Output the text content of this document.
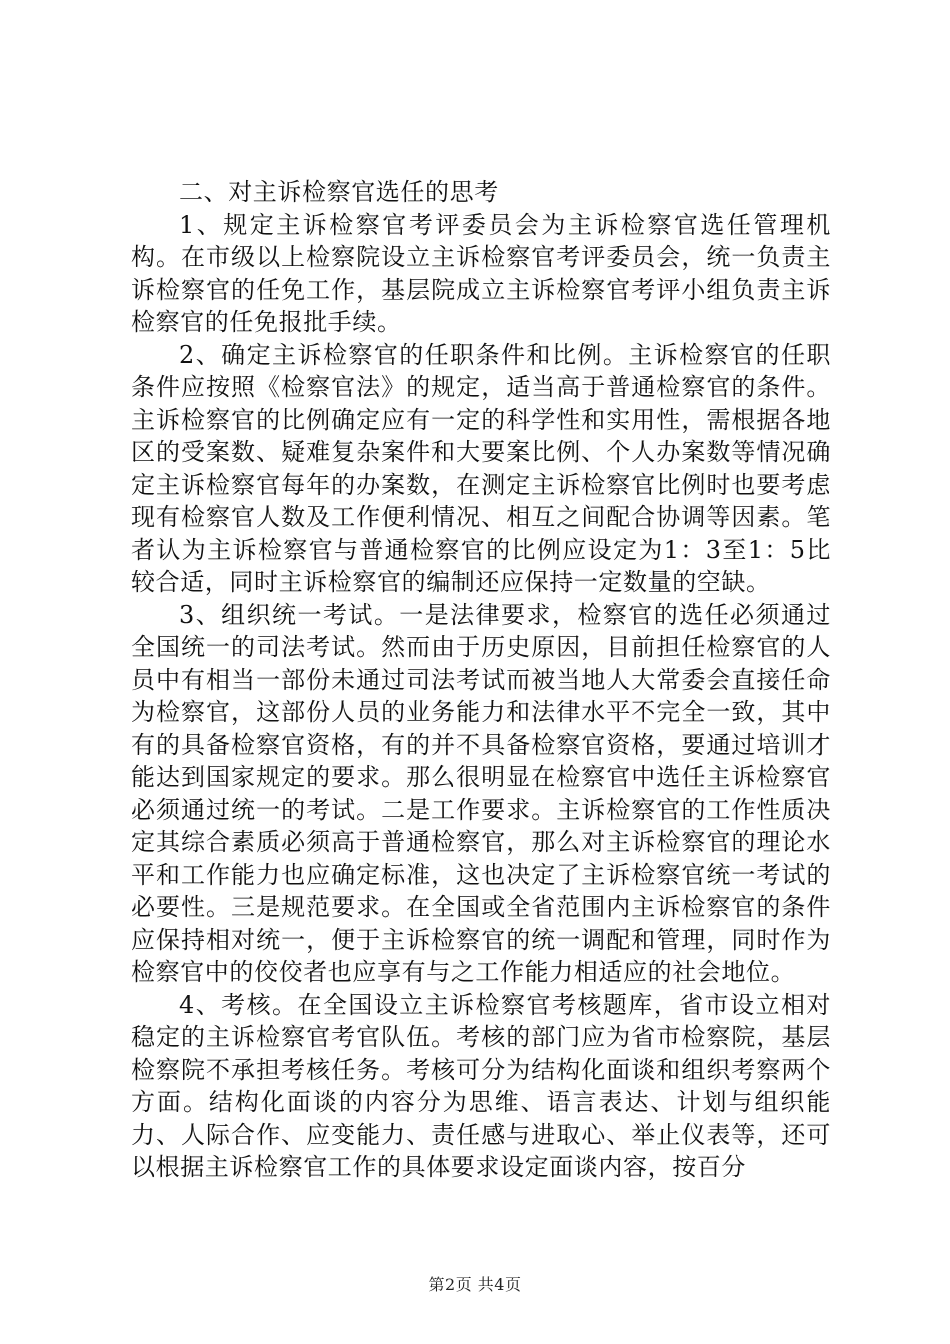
二、对主诉检察官选任的思考

1、规定主诉检察官考评委员会为主诉检察官选任管理机构。在市级以上检察院设立主诉检察官考评委员会，统一负责主诉检察官的任免工作，基层院成立主诉检察官考评小组负责主诉检察官的任免报批手续。

2、确定主诉检察官的任职条件和比例。主诉检察官的任职条件应按照《检察官法》的规定，适当高于普通检察官的条件。主诉检察官的比例确定应有一定的科学性和实用性，需根据各地区的受案数、疑难复杂案件和大要案比例、个人办案数等情况确定主诉检察官每年的办案数，在测定主诉检察官比例时也要考虑现有检察官人数及工作便利情况、相互之间配合协调等因素。笔者认为主诉检察官与普通检察官的比例应设定为1：3至1：5比较合适，同时主诉检察官的编制还应保持一定数量的空缺。

3、组织统一考试。一是法律要求，检察官的选任必须通过全国统一的司法考试。然而由于历史原因，目前担任检察官的人员中有相当一部份未通过司法考试而被当地人大常委会直接任命为检察官，这部份人员的业务能力和法律水平不完全一致，其中有的具备检察官资格，有的并不具备检察官资格，要通过培训才能达到国家规定的要求。那么很明显在检察官中选任主诉检察官必须通过统一的考试。二是工作要求。主诉检察官的工作性质决定其综合素质必须高于普通检察官，那么对主诉检察官的理论水平和工作能力也应确定标准，这也决定了主诉检察官统一考试的必要性。三是规范要求。在全国或全省范围内主诉检察官的条件应保持相对统一，便于主诉检察官的统一调配和管理，同时作为检察官中的佼佼者也应享有与之工作能力相适应的社会地位。

4、考核。在全国设立主诉检察官考核题库，省市设立相对稳定的主诉检察官考官队伍。考核的部门应为省市检察院，基层检察院不承担考核任务。考核可分为结构化面谈和组织考察两个方面。结构化面谈的内容分为思维、语言表达、计划与组织能力、人际合作、应变能力、责任感与进取心、举止仪表等，还可以根据主诉检察官工作的具体要求设定面谈内容，按百分

第2页 共4页
